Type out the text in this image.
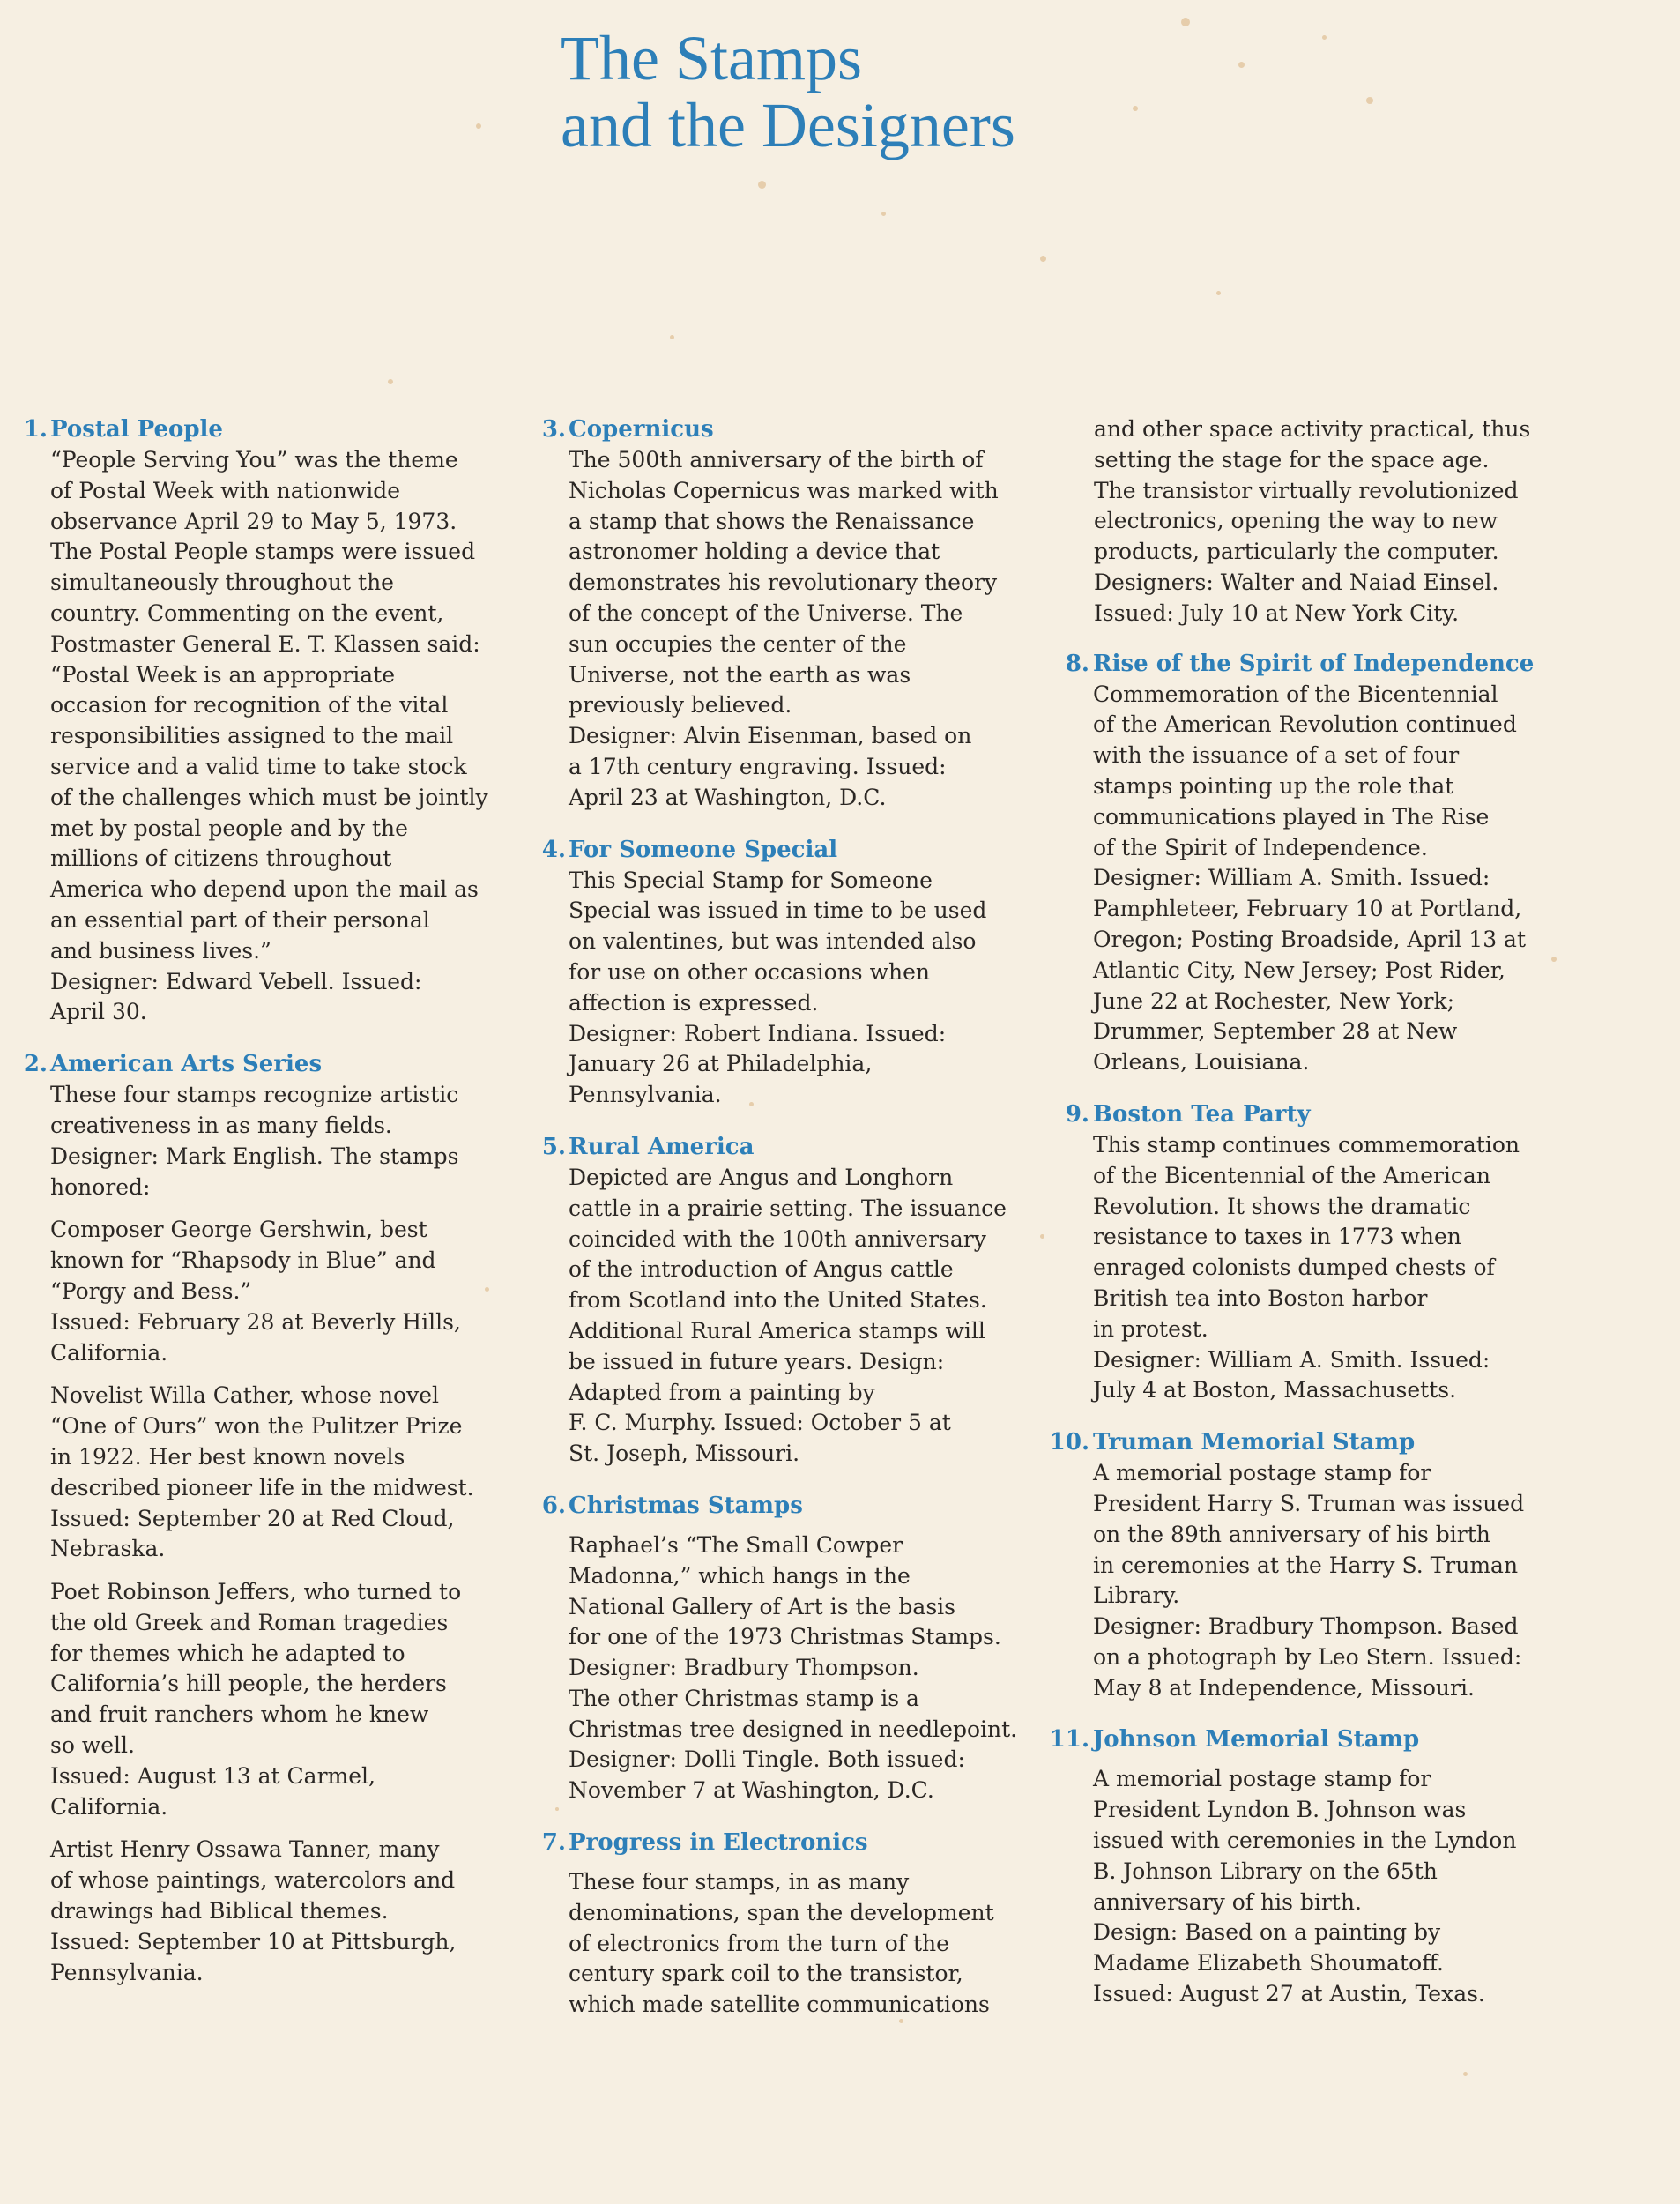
The Stamps
and the Designers
1. Postal People
“People Serving You” was the theme
of Postal Week with nationwide
observance April 29 to May 5, 1973.
The Postal People stamps were issued
simultaneously throughout the
country. Commenting on the event,
Postmaster General E. T. Klassen said:
“Postal Week is an appropriate
occasion for recognition of the vital
responsibilities assigned to the mail
service and a valid time to take stock
of the challenges which must be jointly
met by postal people and by the
millions of citizens throughout
America who depend upon the mail as
an essential part of their personal
and business lives.”
Designer: Edward Vebell. Issued:
April 30.
2. American Arts Series
These four stamps recognize artistic
creativeness in as many fields.
Designer: Mark English. The stamps
honored:
Composer George Gershwin, best
known for “Rhapsody in Blue” and
“Porgy and Bess.”
Issued: February 28 at Beverly Hills,
California.
Novelist Willa Cather, whose novel
“One of Ours” won the Pulitzer Prize
in 1922. Her best known novels
described pioneer life in the midwest.
Issued: September 20 at Red Cloud,
Nebraska.
Poet Robinson Jeffers, who turned to
the old Greek and Roman tragedies
for themes which he adapted to
California’s hill people, the herders
and fruit ranchers whom he knew
so well.
Issued: August 13 at Carmel,
California.
Artist Henry Ossawa Tanner, many
of whose paintings, watercolors and
drawings had Biblical themes.
Issued: September 10 at Pittsburgh,
Pennsylvania.
3. Copernicus
The 500th anniversary of the birth of
Nicholas Copernicus was marked with
a stamp that shows the Renaissance
astronomer holding a device that
demonstrates his revolutionary theory
of the concept of the Universe. The
sun occupies the center of the
Universe, not the earth as was
previously believed.
Designer: Alvin Eisenman, based on
a 17th century engraving. Issued:
April 23 at Washington, D.C.
4. For Someone Special
This Special Stamp for Someone
Special was issued in time to be used
on valentines, but was intended also
for use on other occasions when
affection is expressed.
Designer: Robert Indiana. Issued:
January 26 at Philadelphia,
Pennsylvania.
5. Rural America
Depicted are Angus and Longhorn
cattle in a prairie setting. The issuance
coincided with the 100th anniversary
of the introduction of Angus cattle
from Scotland into the United States.
Additional Rural America stamps will
be issued in future years. Design:
Adapted from a painting by
F. C. Murphy. Issued: October 5 at
St. Joseph, Missouri.
6. Christmas Stamps
Raphael’s “The Small Cowper
Madonna,” which hangs in the
National Gallery of Art is the basis
for one of the 1973 Christmas Stamps.
Designer: Bradbury Thompson.
The other Christmas stamp is a
Christmas tree designed in needlepoint.
Designer: Dolli Tingle. Both issued:
November 7 at Washington, D.C.
7. Progress in Electronics
These four stamps, in as many
denominations, span the development
of electronics from the turn of the
century spark coil to the transistor,
which made satellite communications
and other space activity practical, thus
setting the stage for the space age.
The transistor virtually revolutionized
electronics, opening the way to new
products, particularly the computer.
Designers: Walter and Naiad Einsel.
Issued: July 10 at New York City.
8. Rise of the Spirit of Independence
Commemoration of the Bicentennial
of the American Revolution continued
with the issuance of a set of four
stamps pointing up the role that
communications played in The Rise
of the Spirit of Independence.
Designer: William A. Smith. Issued:
Pamphleteer, February 10 at Portland,
Oregon; Posting Broadside, April 13 at
Atlantic City, New Jersey; Post Rider,
June 22 at Rochester, New York;
Drummer, September 28 at New
Orleans, Louisiana.
9. Boston Tea Party
This stamp continues commemoration
of the Bicentennial of the American
Revolution. It shows the dramatic
resistance to taxes in 1773 when
enraged colonists dumped chests of
British tea into Boston harbor
in protest.
Designer: William A. Smith. Issued:
July 4 at Boston, Massachusetts.
10. Truman Memorial Stamp
A memorial postage stamp for
President Harry S. Truman was issued
on the 89th anniversary of his birth
in ceremonies at the Harry S. Truman
Library.
Designer: Bradbury Thompson. Based
on a photograph by Leo Stern. Issued:
May 8 at Independence, Missouri.
11. Johnson Memorial Stamp
A memorial postage stamp for
President Lyndon B. Johnson was
issued with ceremonies in the Lyndon
B. Johnson Library on the 65th
anniversary of his birth.
Design: Based on a painting by
Madame Elizabeth Shoumatoff.
Issued: August 27 at Austin, Texas.
